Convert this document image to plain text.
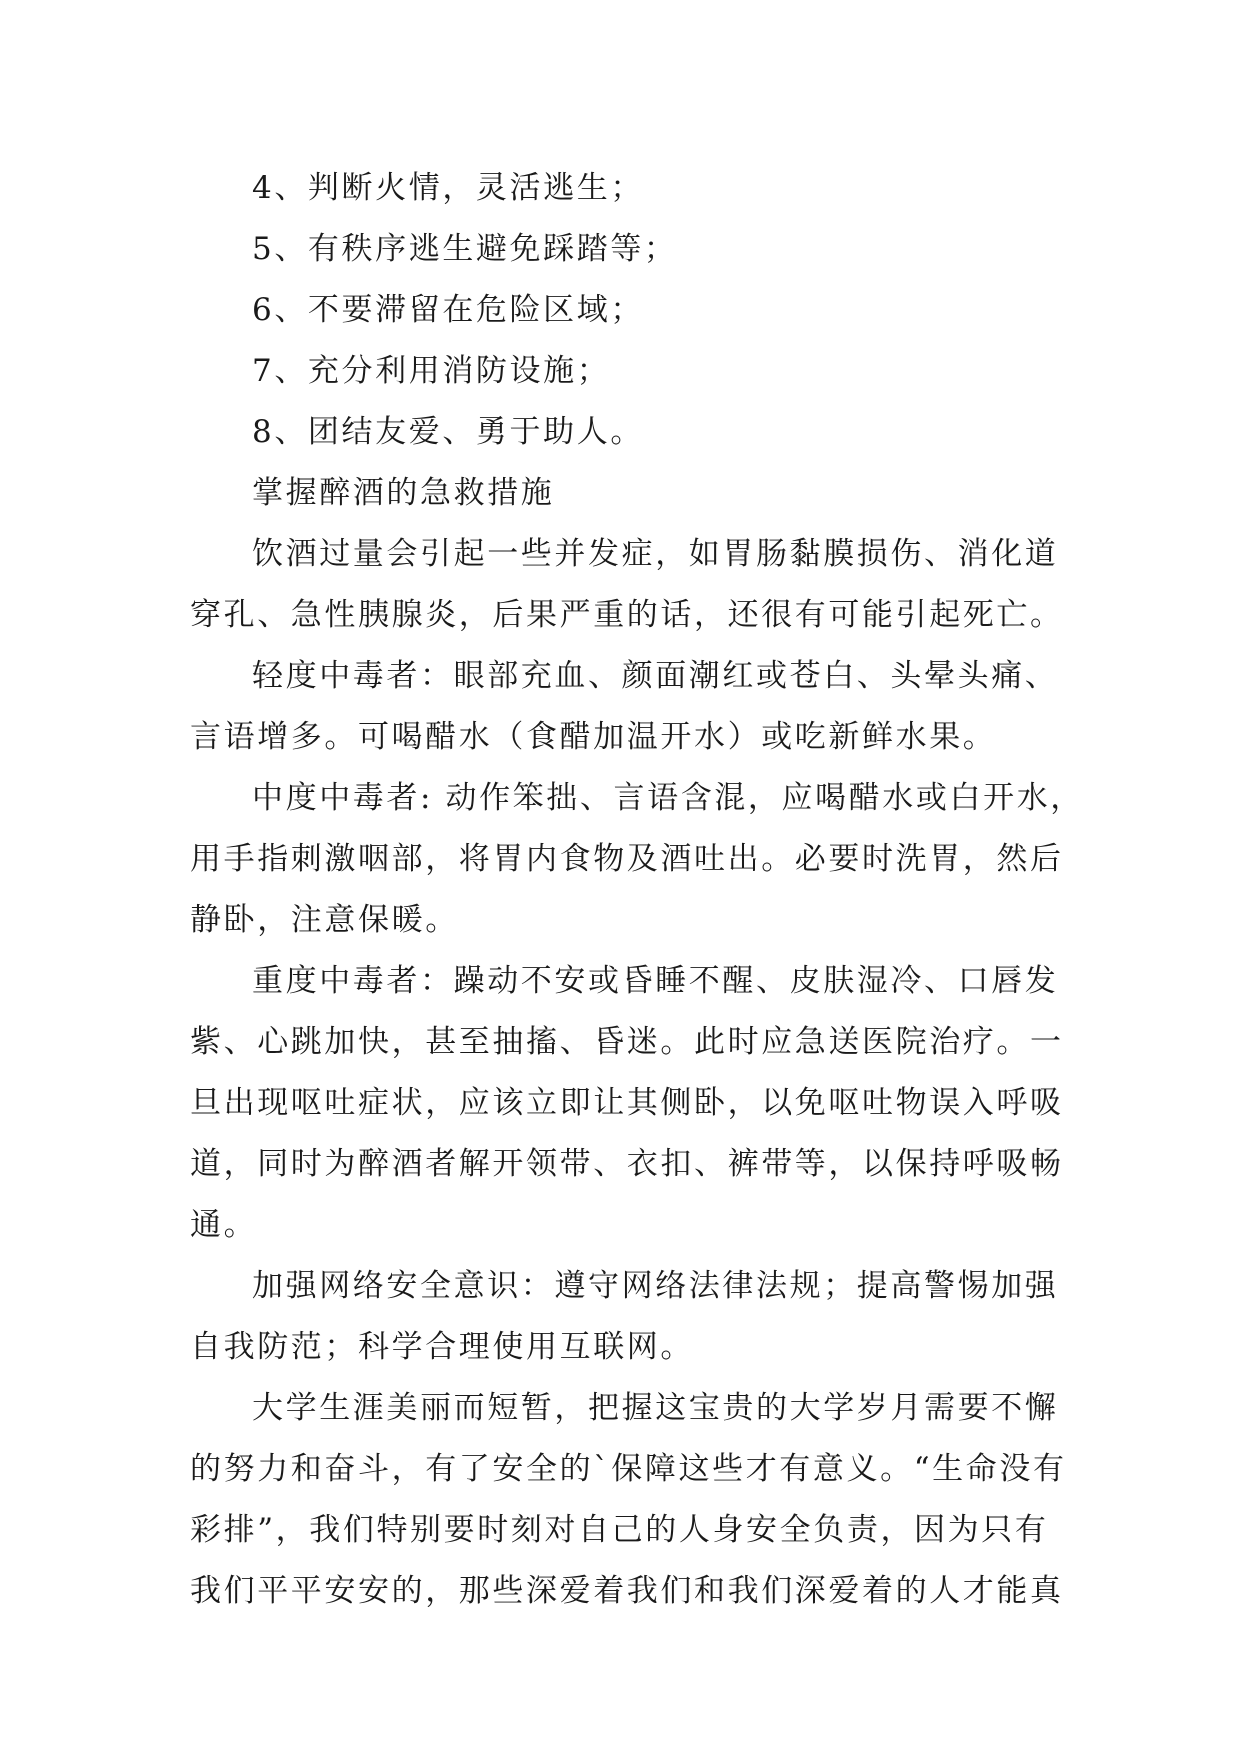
4、判断火情，灵活逃生；
5、有秩序逃生避免踩踏等；
6、不要滞留在危险区域；
7、充分利用消防设施；
8、团结友爱、勇于助人。
掌握醉酒的急救措施
饮酒过量会引起一些并发症，如胃肠黏膜损伤、消化道
穿孔、急性胰腺炎，后果严重的话，还很有可能引起死亡。
轻度中毒者：眼部充血、颜面潮红或苍白、头晕头痛、
言语增多。可喝醋水（食醋加温开水）或吃新鲜水果。
中度中毒者: 动作笨拙、言语含混，应喝醋水或白开水，
用手指刺激咽部，将胃内食物及酒吐出。必要时洗胃，然后
静卧，注意保暖。
重度中毒者：躁动不安或昏睡不醒、皮肤湿冷、口唇发
紫、心跳加快，甚至抽搐、昏迷。此时应急送医院治疗。一
旦出现呕吐症状，应该立即让其侧卧，以免呕吐物误入呼吸
道，同时为醉酒者解开领带、衣扣、裤带等，以保持呼吸畅
通。
加强网络安全意识：遵守网络法律法规；提高警惕加强
自我防范；科学合理使用互联网。
大学生涯美丽而短暂，把握这宝贵的大学岁月需要不懈
的努力和奋斗，有了安全的`保障这些才有意义。“生命没有
彩排”，我们特别要时刻对自己的人身安全负责，因为只有
我们平平安安的，那些深爱着我们和我们深爱着的人才能真
